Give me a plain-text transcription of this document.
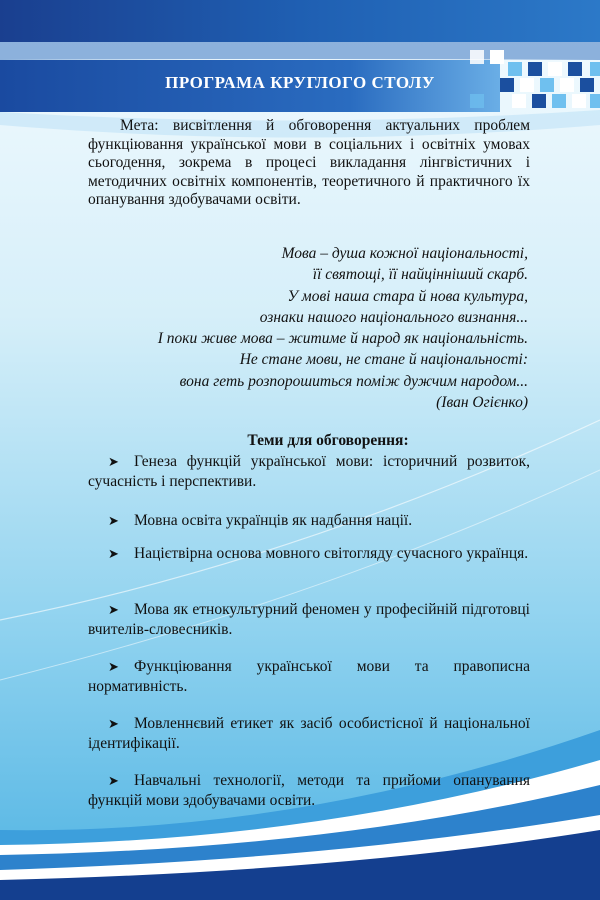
ПРОГРАМА КРУГЛОГО СТОЛУ
Мета: висвітлення й обговорення актуальних проблем функціювання української мови в соціальних і освітніх умовах сьогодення, зокрема в процесі викладання лінгвістичних і методичних освітніх компонентів, теоретичного й практичного їх опанування здобувачами освіти.
Мова – душа кожної національності,
її святощі, її найцінніший скарб.
У мові наша стара й нова культура,
ознаки нашого національного визнання...
І поки живе мова – житиме й народ як національність.
Не стане мови, не стане й національності:
вона геть розпорошиться поміж дужчим народом...
(Іван Огієнко)
Теми для обговорення:
➤ Генеза функцій української мови: історичний розвиток, сучасність і перспективи.
➤ Мовна освіта українців як надбання нації.
➤ Націєтвірна основа мовного світогляду сучасного українця.
➤ Мова як етнокультурний феномен у професійній підготовці вчителів-словесників.
➤ Функціювання української мови та правописна нормативність.
➤ Мовленнєвий етикет як засіб особистісної й національної ідентифікації.
➤ Навчальні технології, методи та прийоми опанування функцій мови здобувачами освіти.
